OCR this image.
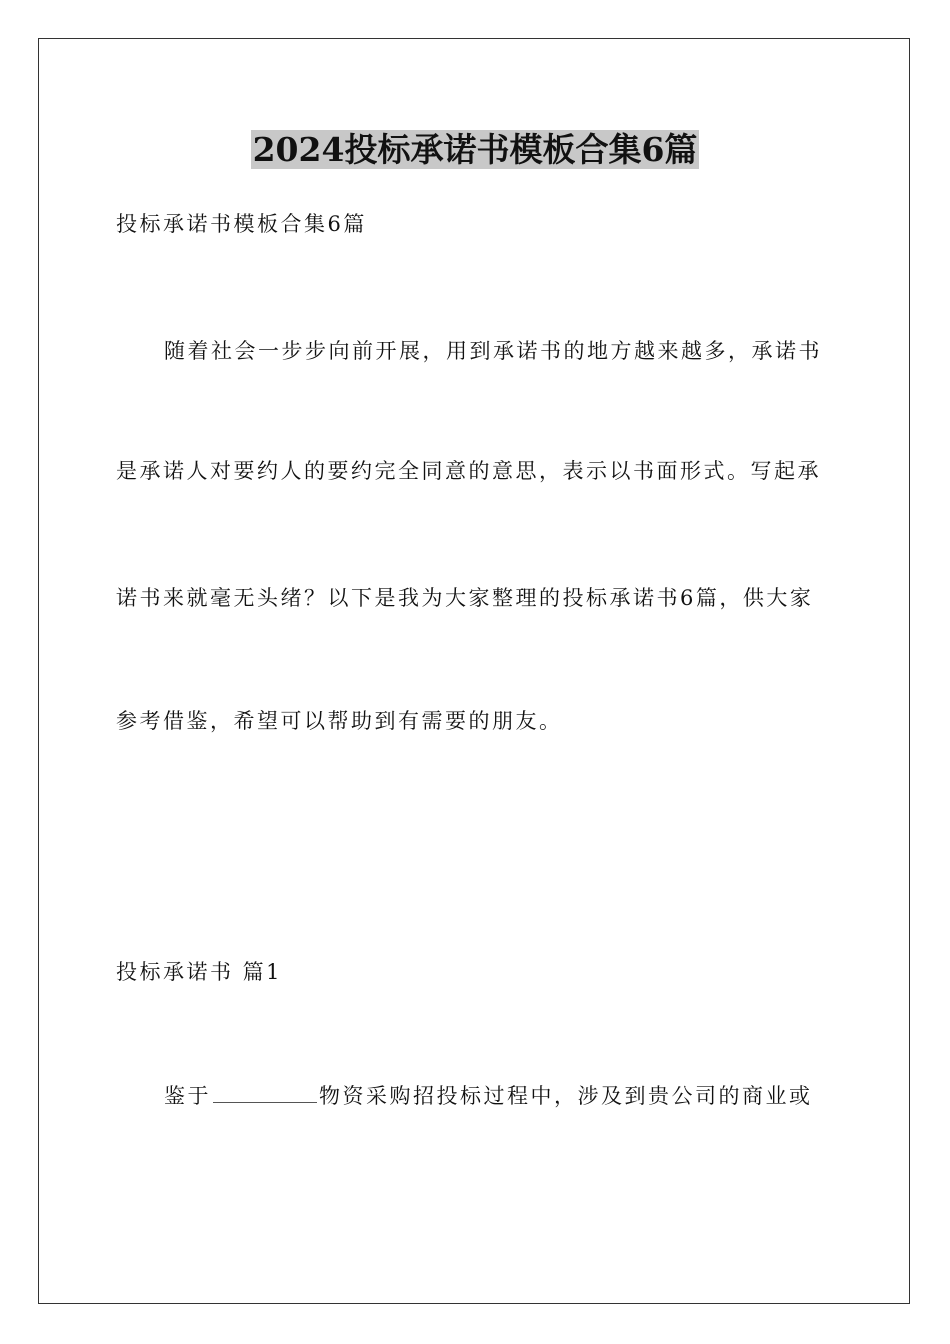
2024投标承诺书模板合集6篇
投标承诺书模板合集6篇
随着社会一步步向前开展，用到承诺书的地方越来越多，承诺书
是承诺人对要约人的要约完全同意的意思，表示以书面形式。写起承
诺书来就毫无头绪？以下是我为大家整理的投标承诺书6篇，供大家
参考借鉴，希望可以帮助到有需要的朋友。
投标承诺书 篇1
鉴于	物资采购招投标过程中，涉及到贵公司的商业或
